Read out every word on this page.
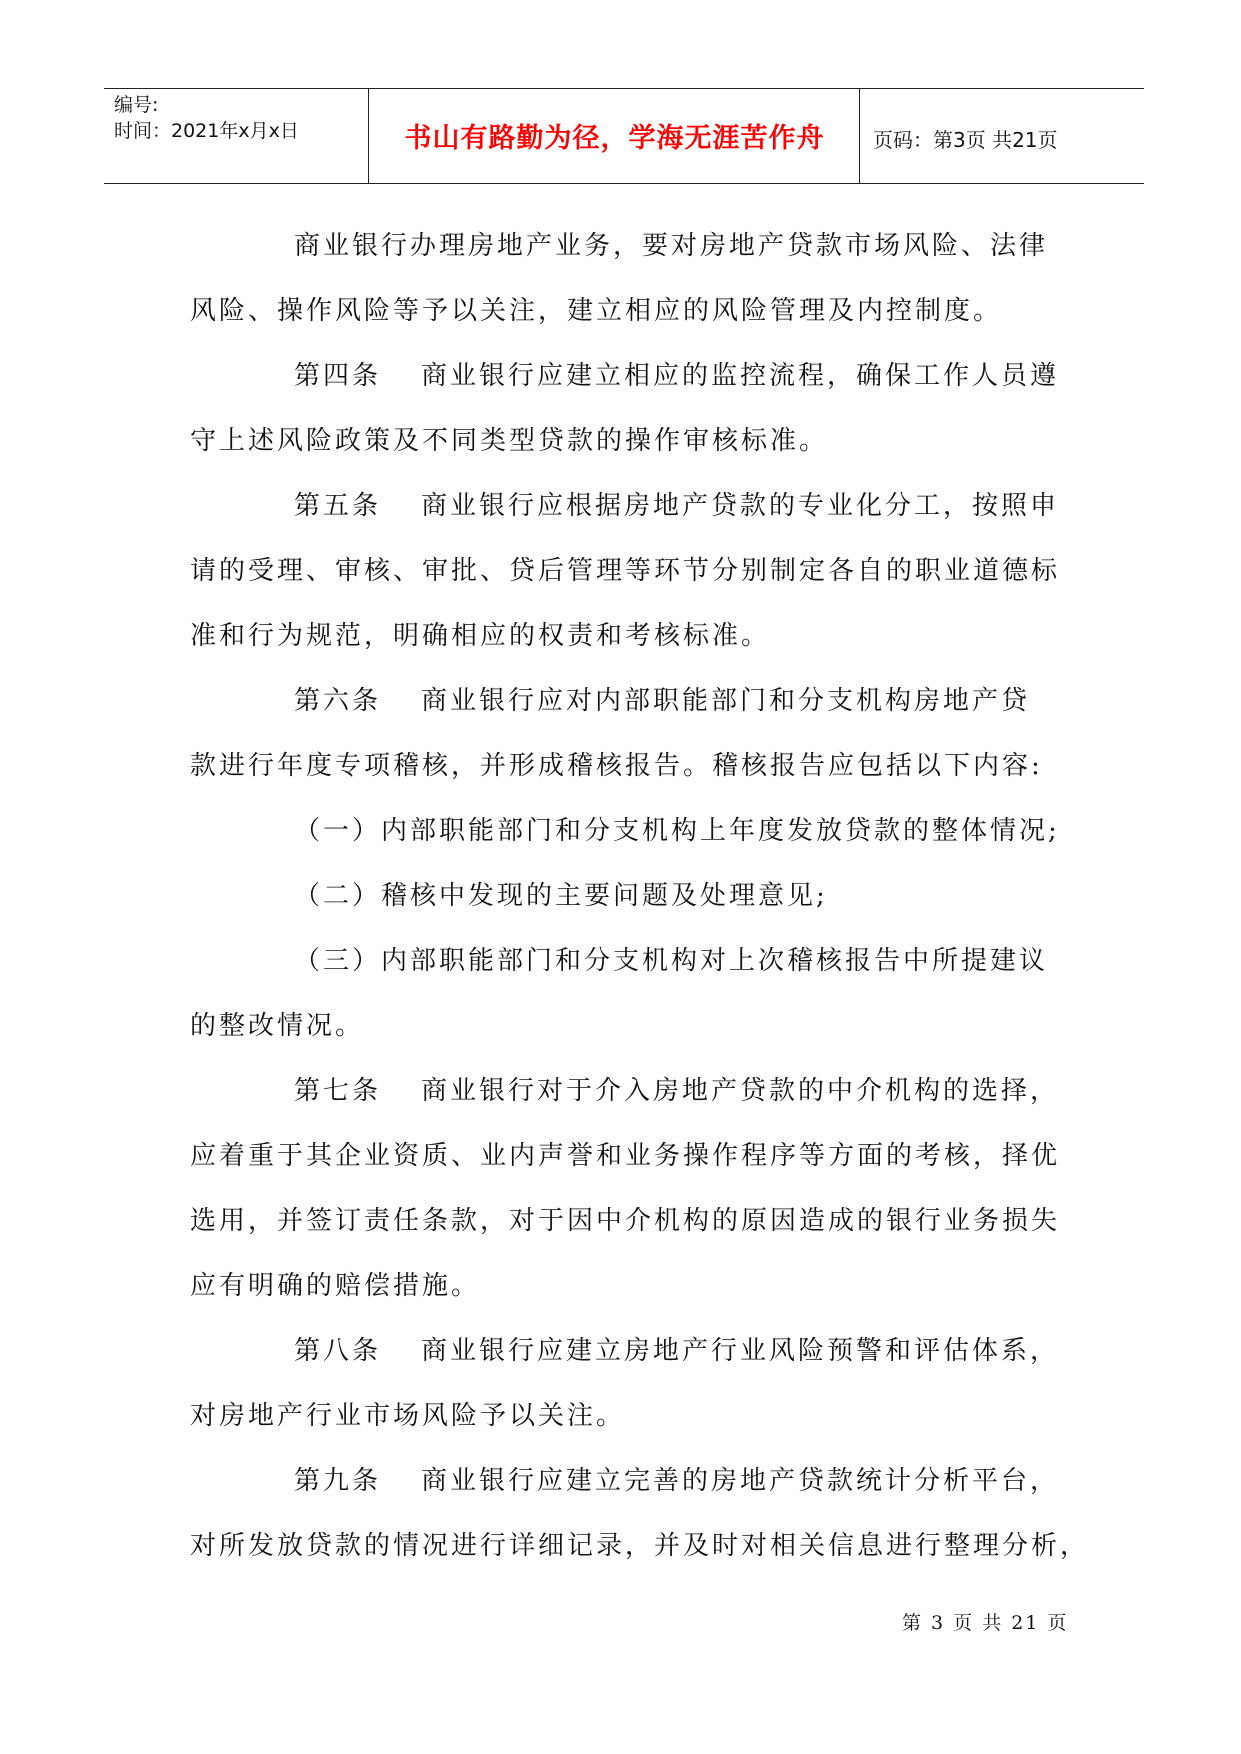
编号:
时间：2021年x月x日	书山有路勤为径，学海无涯苦作舟	页码：第3页 共21页
商业银行办理房地产业务，要对房地产贷款市场风险、法律
风险、操作风险等予以关注，建立相应的风险管理及内控制度。
第四条 商业银行应建立相应的监控流程，确保工作人员遵
守上述风险政策及不同类型贷款的操作审核标准。
第五条 商业银行应根据房地产贷款的专业化分工，按照申
请的受理、审核、审批、贷后管理等环节分别制定各自的职业道德标
准和行为规范，明确相应的权责和考核标准。
第六条 商业银行应对内部职能部门和分支机构房地产贷
款进行年度专项稽核，并形成稽核报告。稽核报告应包括以下内容:
（一）内部职能部门和分支机构上年度发放贷款的整体情况;
（二）稽核中发现的主要问题及处理意见;
（三）内部职能部门和分支机构对上次稽核报告中所提建议
的整改情况。
第七条 商业银行对于介入房地产贷款的中介机构的选择，
应着重于其企业资质、业内声誉和业务操作程序等方面的考核，择优
选用，并签订责任条款，对于因中介机构的原因造成的银行业务损失
应有明确的赔偿措施。
第八条 商业银行应建立房地产行业风险预警和评估体系，
对房地产行业市场风险予以关注。
第九条 商业银行应建立完善的房地产贷款统计分析平台，
对所发放贷款的情况进行详细记录，并及时对相关信息进行整理分析，
第 3 页 共 21 页
